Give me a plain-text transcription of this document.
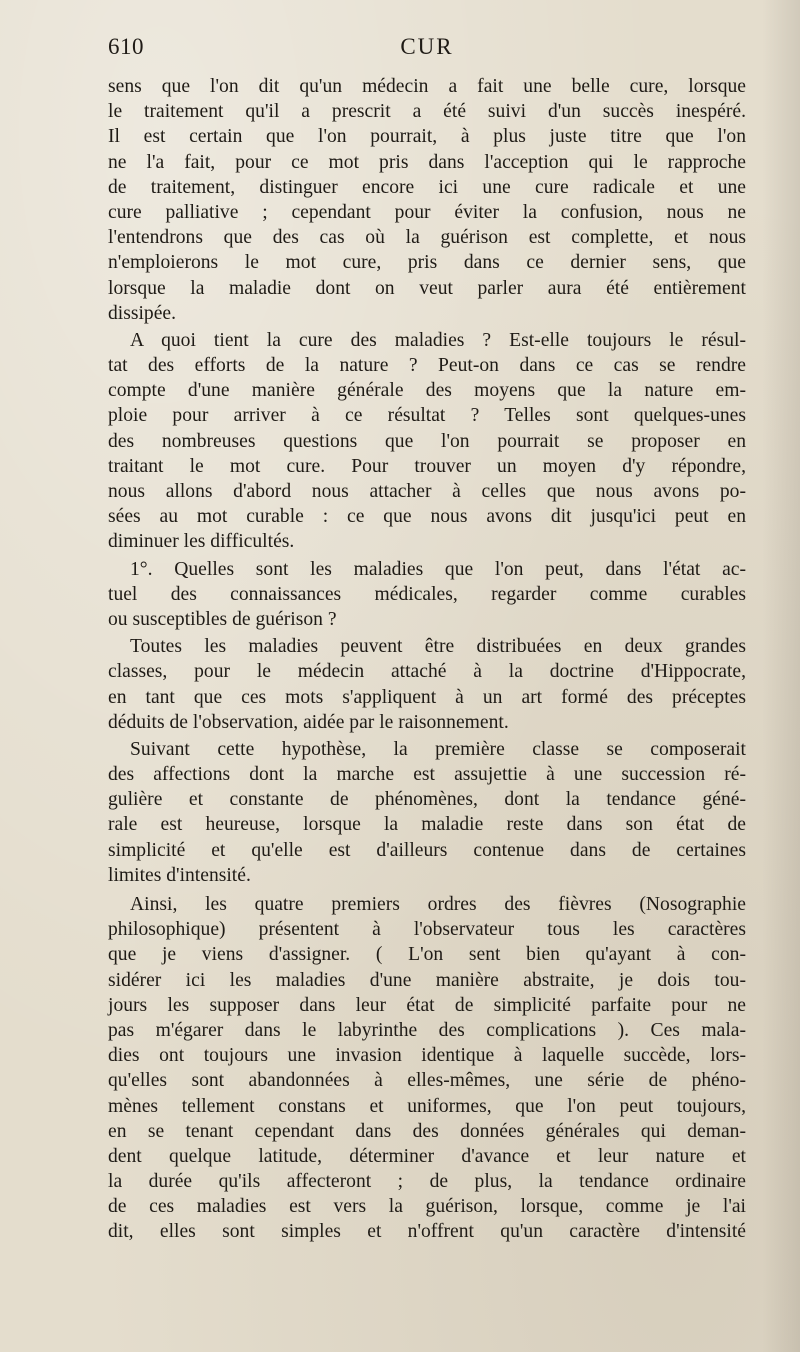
610	CUR
sens que l'on dit qu'un médecin a fait une belle cure, lorsque
le traitement qu'il a prescrit a été suivi d'un succès inespéré.
Il est certain que l'on pourrait, à plus juste titre que l'on
ne l'a fait, pour ce mot pris dans l'acception qui le rapproche
de traitement, distinguer encore ici une cure radicale et une
cure palliative ; cependant pour éviter la confusion, nous ne
l'entendrons que des cas où la guérison est complette, et nous
n'emploierons le mot cure, pris dans ce dernier sens, que
lorsque la maladie dont on veut parler aura été entièrement
dissipée.
A quoi tient la cure des maladies ? Est-elle toujours le résul-
tat des efforts de la nature ? Peut-on dans ce cas se rendre
compte d'une manière générale des moyens que la nature em-
ploie pour arriver à ce résultat ? Telles sont quelques-unes
des nombreuses questions que l'on pourrait se proposer en
traitant le mot cure. Pour trouver un moyen d'y répondre,
nous allons d'abord nous attacher à celles que nous avons po-
sées au mot curable : ce que nous avons dit jusqu'ici peut en
diminuer les difficultés.
1°. Quelles sont les maladies que l'on peut, dans l'état ac-
tuel des connaissances médicales, regarder comme curables
ou susceptibles de guérison ?
Toutes les maladies peuvent être distribuées en deux grandes
classes, pour le médecin attaché à la doctrine d'Hippocrate,
en tant que ces mots s'appliquent à un art formé des préceptes
déduits de l'observation, aidée par le raisonnement.
Suivant cette hypothèse, la première classe se composerait
des affections dont la marche est assujettie à une succession ré-
gulière et constante de phénomènes, dont la tendance géné-
rale est heureuse, lorsque la maladie reste dans son état de
simplicité et qu'elle est d'ailleurs contenue dans de certaines
limites d'intensité.
Ainsi, les quatre premiers ordres des fièvres (Nosographie
philosophique) présentent à l'observateur tous les caractères
que je viens d'assigner. ( L'on sent bien qu'ayant à con-
sidérer ici les maladies d'une manière abstraite, je dois tou-
jours les supposer dans leur état de simplicité parfaite pour ne
pas m'égarer dans le labyrinthe des complications ). Ces mala-
dies ont toujours une invasion identique à laquelle succède, lors-
qu'elles sont abandonnées à elles-mêmes, une série de phéno-
mènes tellement constans et uniformes, que l'on peut toujours,
en se tenant cependant dans des données générales qui deman-
dent quelque latitude, déterminer d'avance et leur nature et
la durée qu'ils affecteront ; de plus, la tendance ordinaire
de ces maladies est vers la guérison, lorsque, comme je l'ai
dit, elles sont simples et n'offrent qu'un caractère d'intensité
